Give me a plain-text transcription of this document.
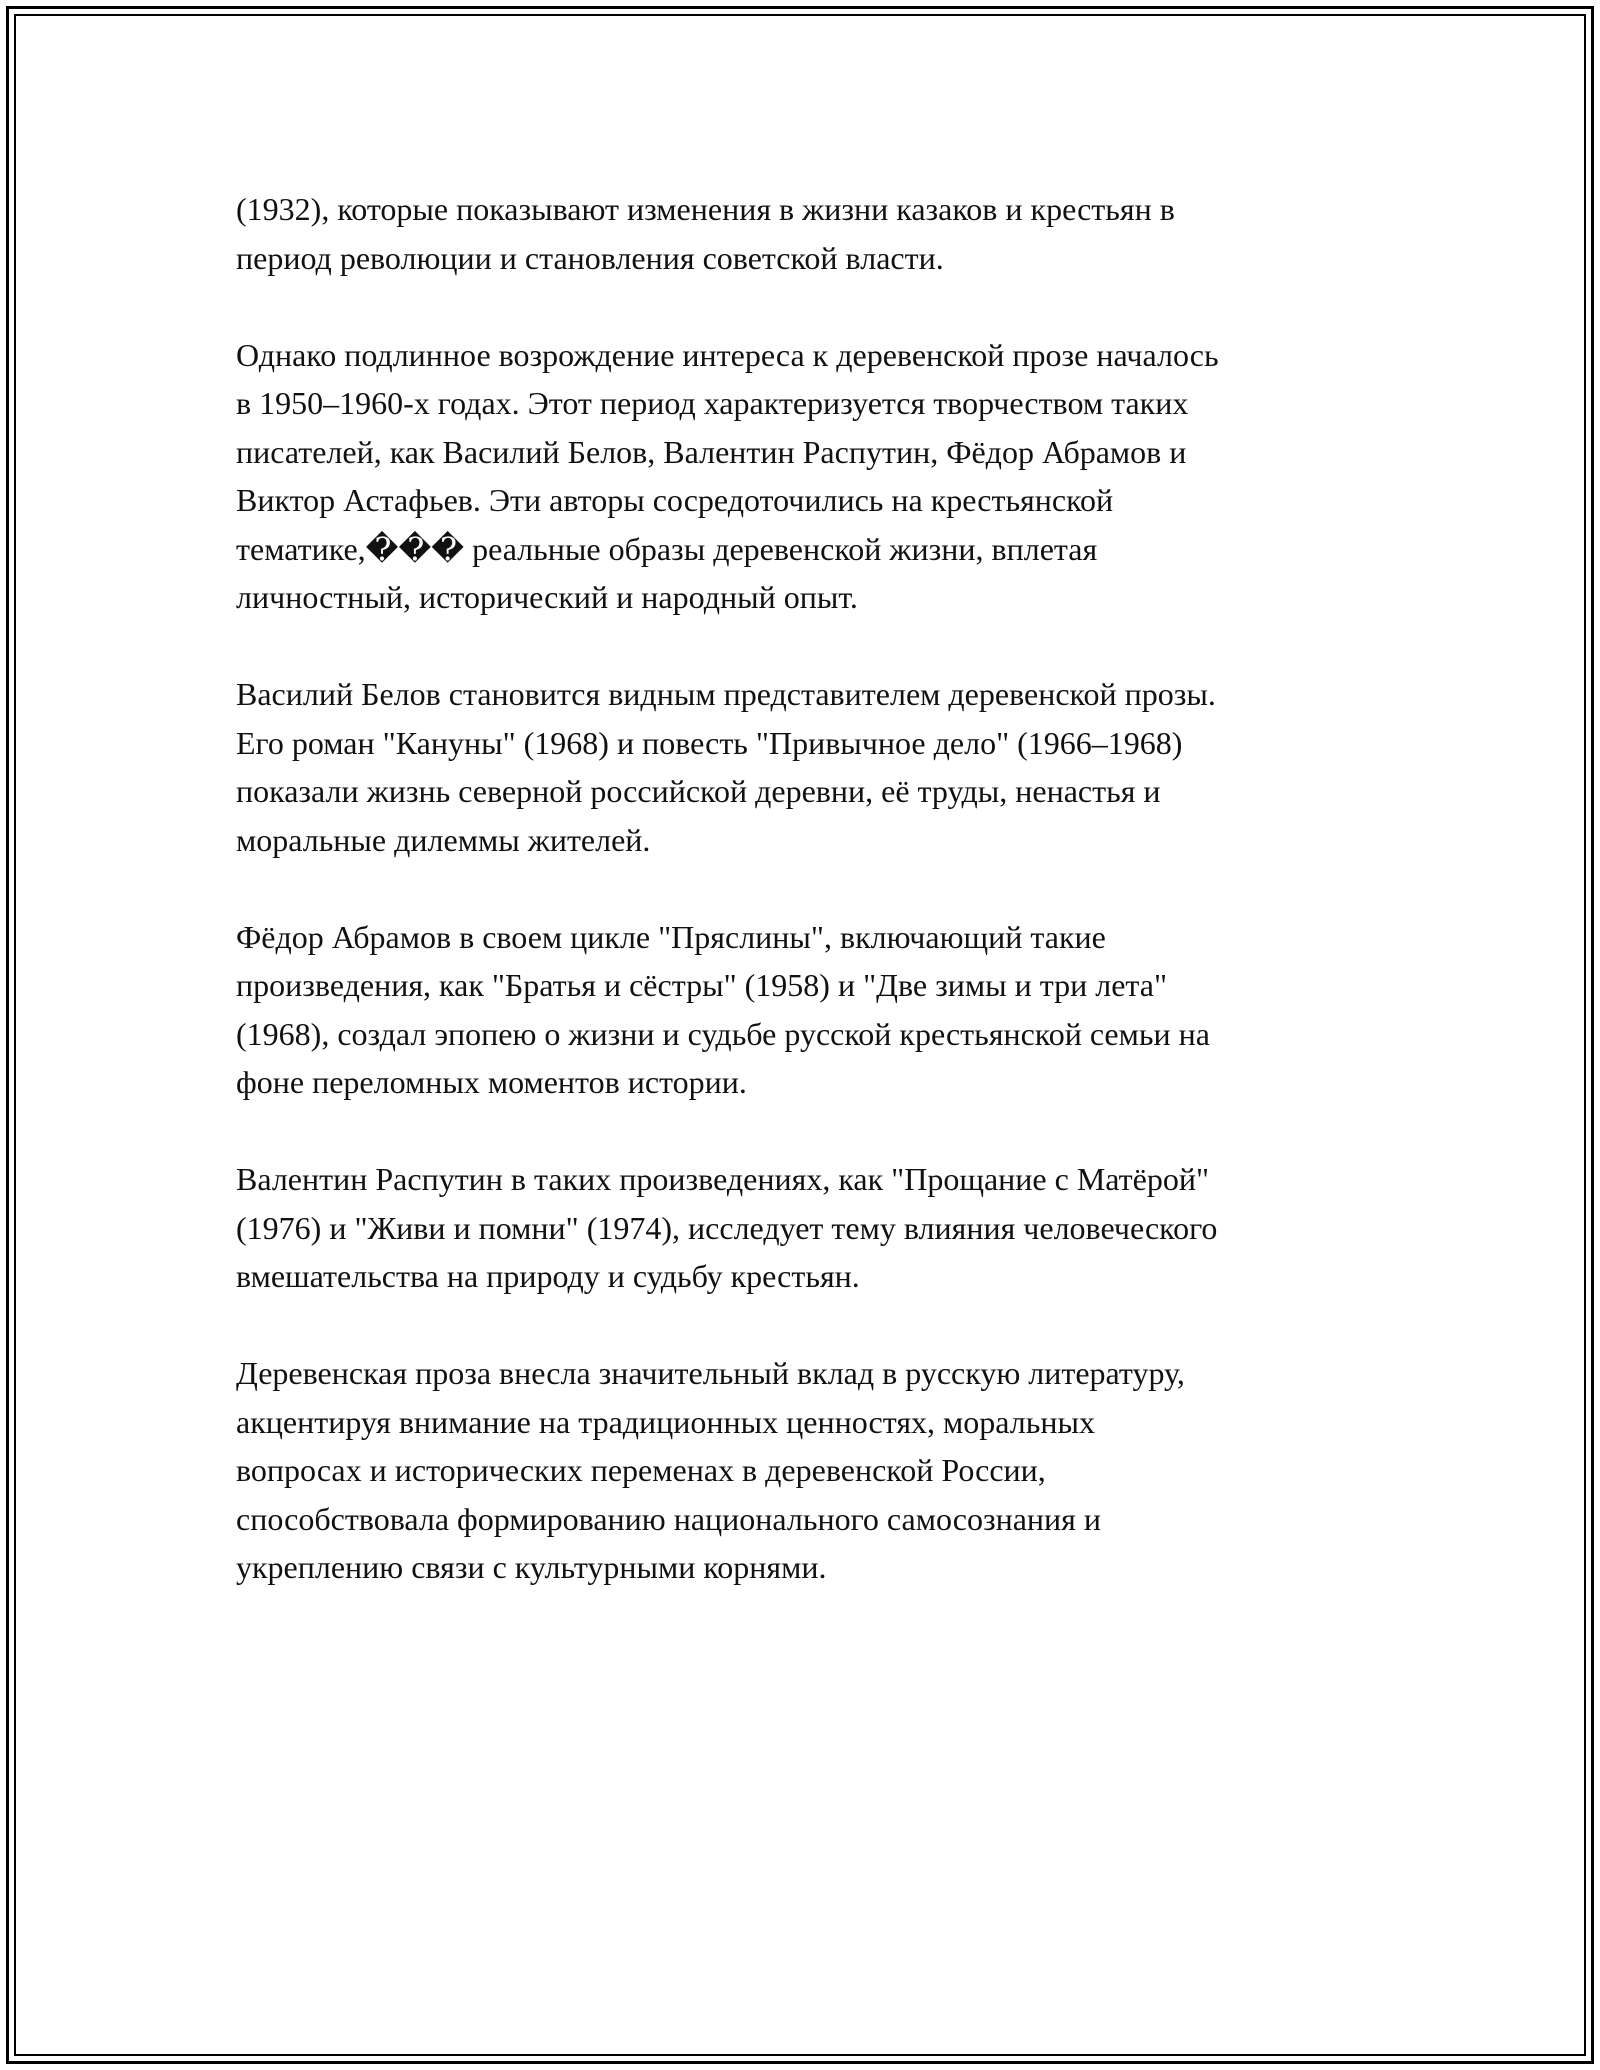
(1932), которые показывают изменения в жизни казаков и крестьян в
период революции и становления советской власти.

Однако подлинное возрождение интереса к деревенской прозе началось
в 1950–1960-х годах. Этот период характеризуется творчеством таких
писателей, как Василий Белов, Валентин Распутин, Фёдор Абрамов и
Виктор Астафьев. Эти авторы сосредоточились на крестьянской
тематике,��� реальные образы деревенской жизни, вплетая
личностный, исторический и народный опыт.

Василий Белов становится видным представителем деревенской прозы.
Его роман "Кануны" (1968) и повесть "Привычное дело" (1966–1968)
показали жизнь северной российской деревни, её труды, ненастья и
моральные дилеммы жителей.

Фёдор Абрамов в своем цикле "Пряслины", включающий такие
произведения, как "Братья и сёстры" (1958) и "Две зимы и три лета"
(1968), создал эпопею о жизни и судьбе русской крестьянской семьи на
фоне переломных моментов истории.

Валентин Распутин в таких произведениях, как "Прощание с Матёрой"
(1976) и "Живи и помни" (1974), исследует тему влияния человеческого
вмешательства на природу и судьбу крестьян.

Деревенская проза внесла значительный вклад в русскую литературу,
акцентируя внимание на традиционных ценностях, моральных
вопросах и исторических переменах в деревенской России,
способствовала формированию национального самосознания и
укреплению связи с культурными корнями.
